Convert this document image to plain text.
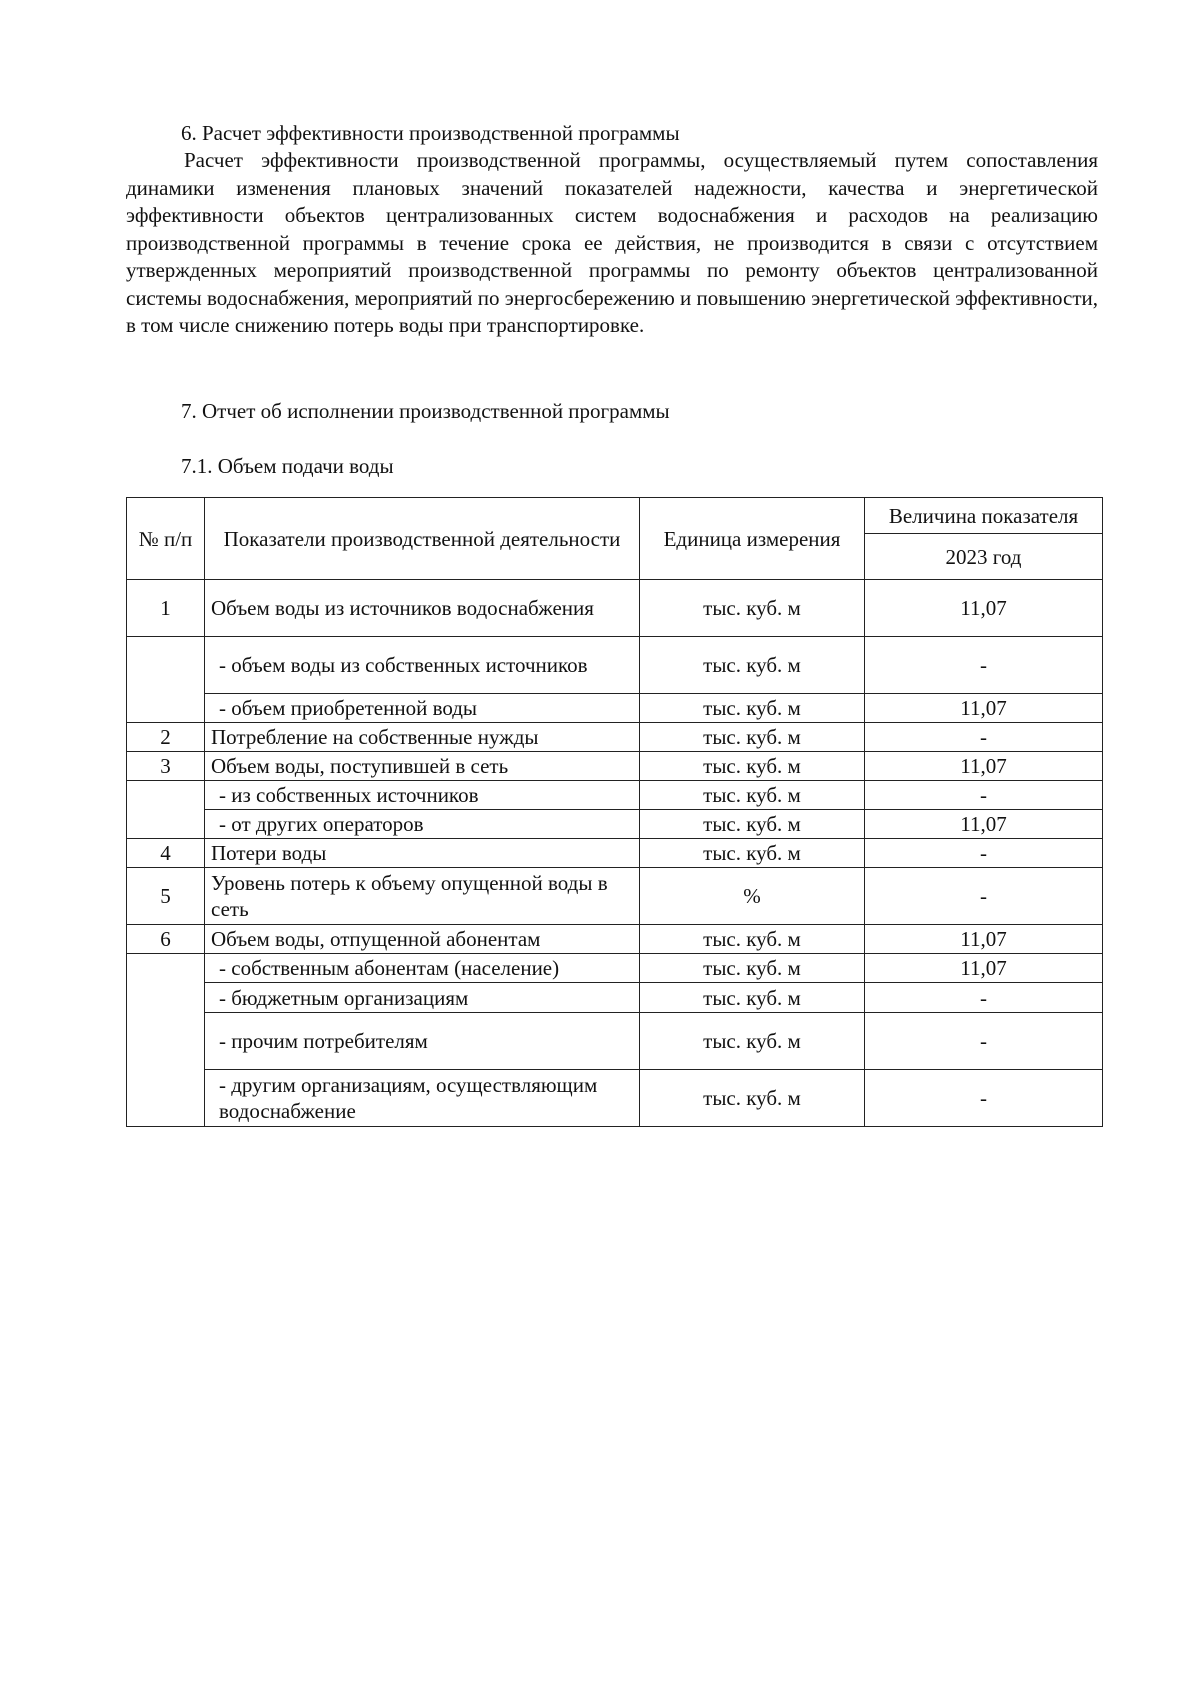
6. Расчет эффективности производственной программы

Расчет эффективности производственной программы, осуществляемый путем сопоставления динамики изменения плановых значений показателей надежности, качества и энергетической эффективности объектов централизованных систем водоснабжения и расходов на реализацию производственной программы в течение срока ее действия, не производится в связи с отсутствием утвержденных мероприятий производственной программы по ремонту объектов централизованной системы водоснабжения, мероприятий по энергосбережению и повышению энергетической эффективности, в том числе снижению потерь воды при транспортировке.

7. Отчет об исполнении производственной программы
7.1. Объем подачи воды
№ п/п	Показатели производственной деятельности	Единица измерения	Величина показателя
			2023 год
1	Объем воды из источников водоснабжения	тыс. куб. м	11,07
	- объем воды из собственных источников	тыс. куб. м	-
	- объем приобретенной воды	тыс. куб. м	11,07
2	Потребление на собственные нужды	тыс. куб. м	-
3	Объем воды, поступившей в сеть	тыс. куб. м	11,07
	- из собственных источников	тыс. куб. м	-
	- от других операторов	тыс. куб. м	11,07
4	Потери воды	тыс. куб. м	-
5	Уровень потерь к объему опущенной воды в сеть	%	-
6	Объем воды, отпущенной абонентам	тыс. куб. м	11,07
	- собственным абонентам (население)	тыс. куб. м	11,07
	- бюджетным организациям	тыс. куб. м	-
	- прочим потребителям	тыс. куб. м	-
	- другим организациям, осуществляющим водоснабжение	тыс. куб. м	-
